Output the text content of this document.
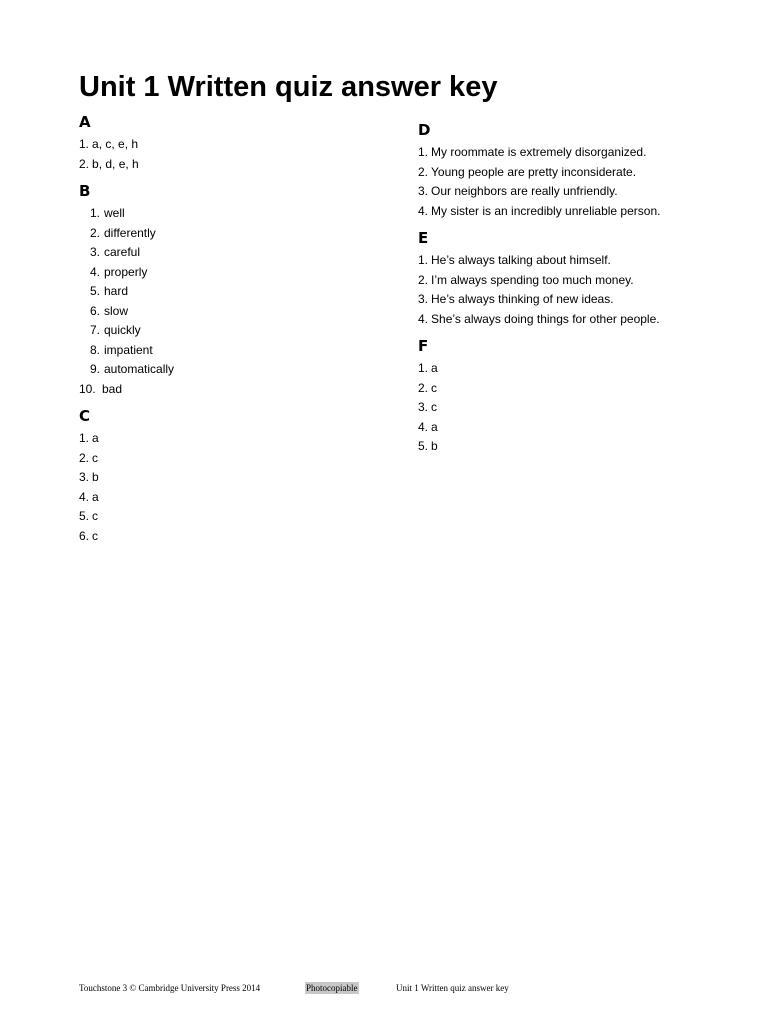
Unit 1 Written quiz answer key
A
1. a, c, e, h
2. b, d, e, h
B
1. well
2. differently
3. careful
4. properly
5. hard
6. slow
7. quickly
8. impatient
9. automatically
10. bad
C
1. a
2. c
3. b
4. a
5. c
6. c
D
1. My roommate is extremely disorganized.
2. Young people are pretty inconsiderate.
3. Our neighbors are really unfriendly.
4. My sister is an incredibly unreliable person.
E
1. He’s always talking about himself.
2. I’m always spending too much money.
3. He’s always thinking of new ideas.
4. She’s always doing things for other people.
F
1. a
2. c
3. c
4. a
5. b
Touchstone 3 © Cambridge University Press 2014	Photocopiable	Unit 1 Written quiz answer key
